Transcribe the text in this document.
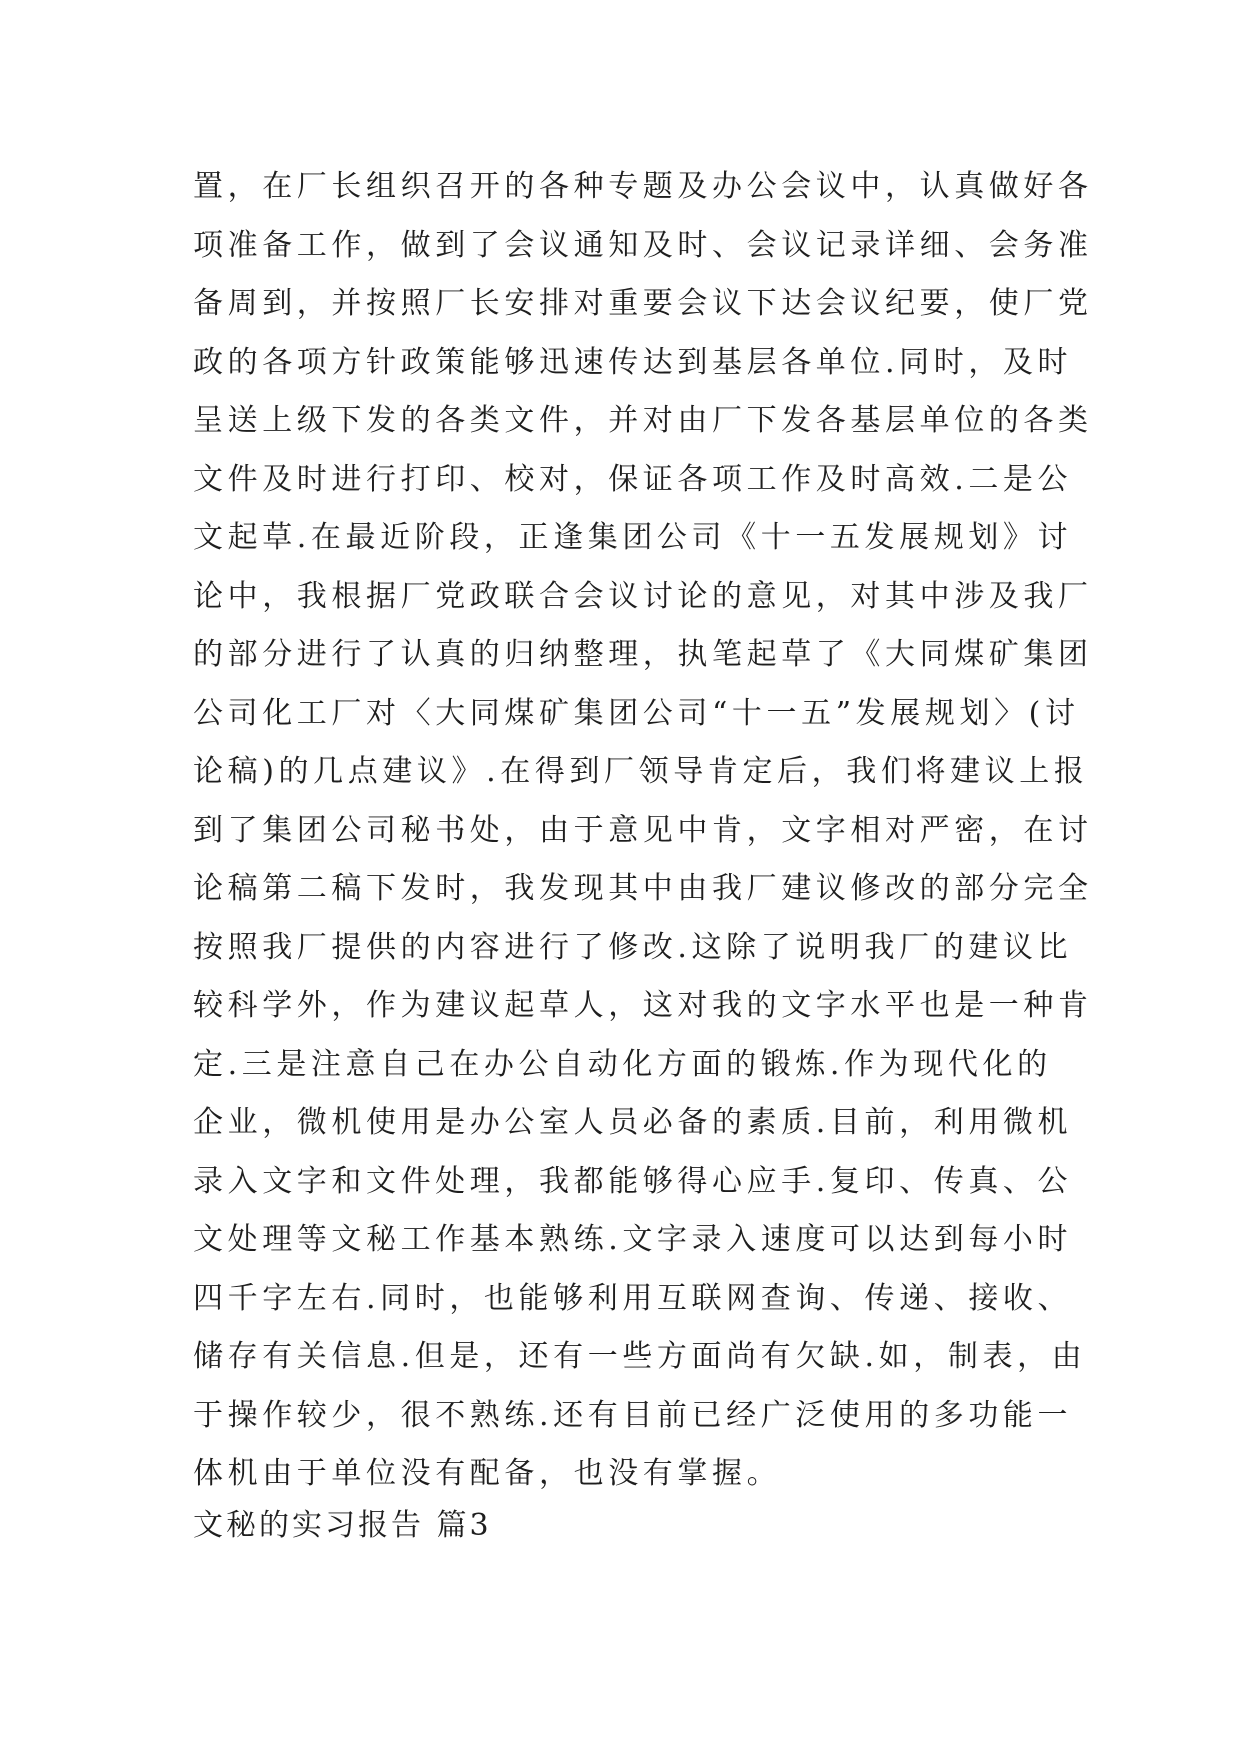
置，在厂长组织召开的各种专题及办公会议中，认真做好各
项准备工作，做到了会议通知及时、会议记录详细、会务准
备周到，并按照厂长安排对重要会议下达会议纪要，使厂党
政的各项方针政策能够迅速传达到基层各单位.同时，及时
呈送上级下发的各类文件，并对由厂下发各基层单位的各类
文件及时进行打印、校对，保证各项工作及时高效.二是公
文起草.在最近阶段，正逢集团公司《十一五发展规划》讨
论中，我根据厂党政联合会议讨论的意见，对其中涉及我厂
的部分进行了认真的归纳整理，执笔起草了《大同煤矿集团
公司化工厂对〈大同煤矿集团公司“十一五”发展规划〉(讨
论稿)的几点建议》.在得到厂领导肯定后，我们将建议上报
到了集团公司秘书处，由于意见中肯，文字相对严密，在讨
论稿第二稿下发时，我发现其中由我厂建议修改的部分完全
按照我厂提供的内容进行了修改.这除了说明我厂的建议比
较科学外，作为建议起草人，这对我的文字水平也是一种肯
定.三是注意自己在办公自动化方面的锻炼.作为现代化的
企业，微机使用是办公室人员必备的素质.目前，利用微机
录入文字和文件处理，我都能够得心应手.复印、传真、公
文处理等文秘工作基本熟练.文字录入速度可以达到每小时
四千字左右.同时，也能够利用互联网查询、传递、接收、
储存有关信息.但是，还有一些方面尚有欠缺.如，制表，由
于操作较少，很不熟练.还有目前已经广泛使用的多功能一
体机由于单位没有配备，也没有掌握。
文秘的实习报告 篇3
